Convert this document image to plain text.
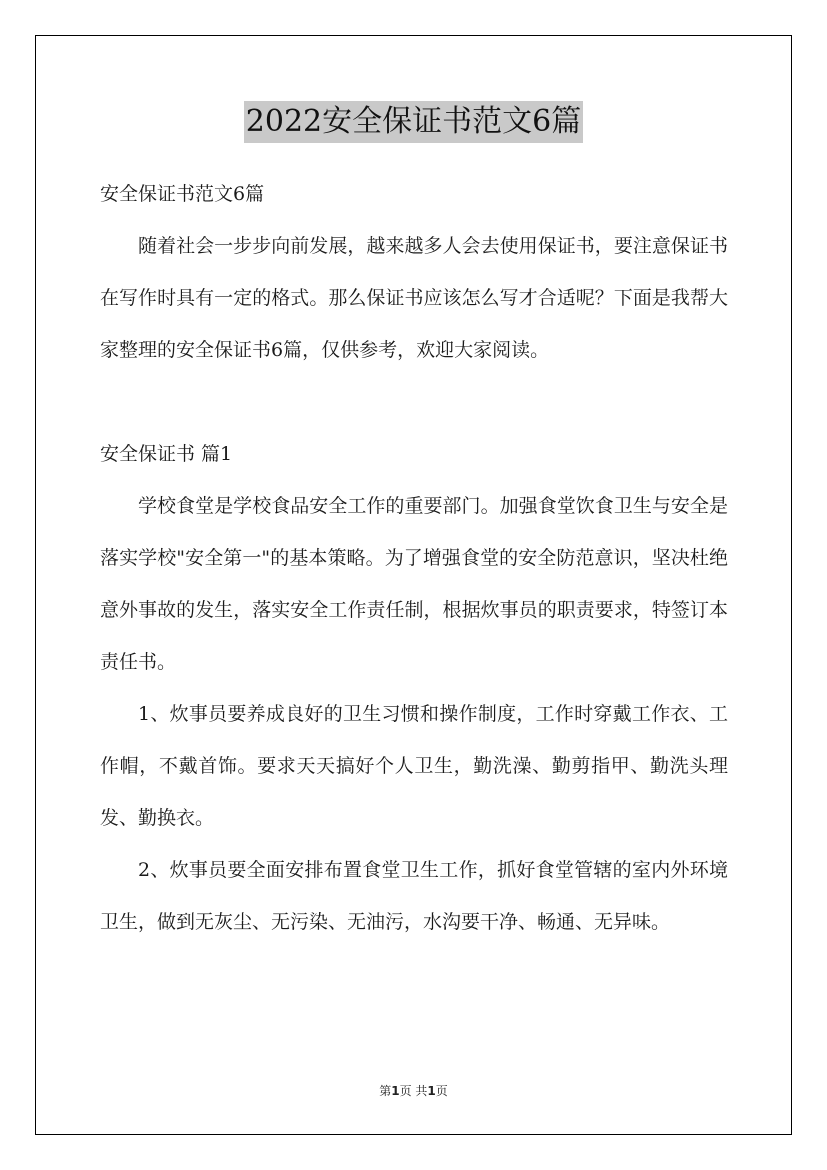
2022安全保证书范文6篇

安全保证书范文6篇

随着社会一步步向前发展，越来越多人会去使用保证书，要注意保证书在写作时具有一定的格式。那么保证书应该怎么写才合适呢？下面是我帮大家整理的安全保证书6篇，仅供参考，欢迎大家阅读。

安全保证书 篇1

学校食堂是学校食品安全工作的重要部门。加强食堂饮食卫生与安全是落实学校"安全第一"的基本策略。为了增强食堂的安全防范意识，坚决杜绝意外事故的发生，落实安全工作责任制，根据炊事员的职责要求，特签订本责任书。

1、炊事员要养成良好的卫生习惯和操作制度，工作时穿戴工作衣、工作帽，不戴首饰。要求天天搞好个人卫生，勤洗澡、勤剪指甲、勤洗头理发、勤换衣。

2、炊事员要全面安排布置食堂卫生工作，抓好食堂管辖的室内外环境卫生，做到无灰尘、无污染、无油污，水沟要干净、畅通、无异味。

第1页 共1页
